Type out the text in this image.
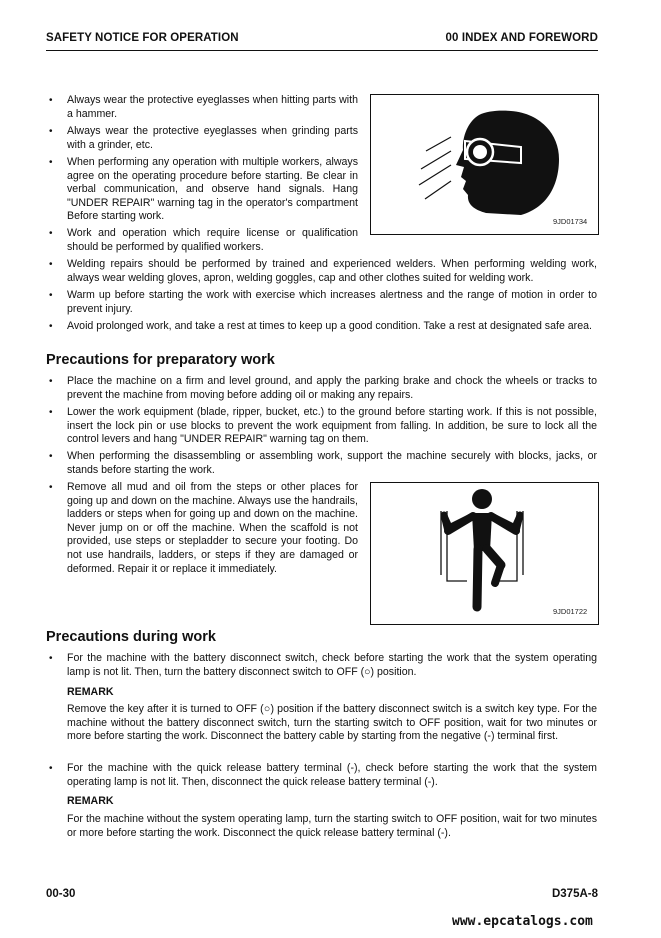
SAFETY NOTICE FOR OPERATION	00 INDEX AND FOREWORD
9JD01734
• Always wear the protective eyeglasses when hitting parts with a hammer.
• Always wear the protective eyeglasses when grinding parts with a grinder, etc.
• When performing any operation with multiple workers, always agree on the operating procedure before starting. Be clear in verbal communication, and observe hand signals. Hang "UNDER REPAIR" warning tag in the operator's compartment Before starting work.
• Work and operation which require license or qualification should be performed by qualified workers.
• Welding repairs should be performed by trained and experienced welders. When performing welding work, always wear welding gloves, apron, welding goggles, cap and other clothes suited for welding work.
• Warm up before starting the work with exercise which increases alertness and the range of motion in order to prevent injury.
• Avoid prolonged work, and take a rest at times to keep up a good condition. Take a rest at designated safe area.
Precautions for preparatory work
• Place the machine on a firm and level ground, and apply the parking brake and chock the wheels or tracks to prevent the machine from moving before adding oil or making any repairs.
• Lower the work equipment (blade, ripper, bucket, etc.) to the ground before starting work. If this is not possible, insert the lock pin or use blocks to prevent the work equipment from falling. In addition, be sure to lock all the control levers and hang "UNDER REPAIR" warning tag on them.
• When performing the disassembling or assembling work, support the machine securely with blocks, jacks, or stands before starting the work.
• Remove all mud and oil from the steps or other places for going up and down on the machine. Always use the handrails, ladders or steps when for going up and down on the machine. Never jump on or off the machine. When the scaffold is not provided, use steps or stepladder to secure your footing. Do not use handrails, ladders, or steps if they are damaged or deformed. Repair it or replace it immediately.
9JD01722
Precautions during work
• For the machine with the battery disconnect switch, check before starting the work that the system operating lamp is not lit. Then, turn the battery disconnect switch to OFF (○) position.
REMARK
Remove the key after it is turned to OFF (○) position if the battery disconnect switch is a switch key type. For the machine without the battery disconnect switch, turn the starting switch to OFF position, wait for two minutes or more before starting the work. Disconnect the battery cable by starting from the negative (-) terminal first.
• For the machine with the quick release battery terminal (-), check before starting the work that the system operating lamp is not lit. Then, disconnect the quick release battery terminal (-).
REMARK
For the machine without the system operating lamp, turn the starting switch to OFF position, wait for two minutes or more before starting the work. Disconnect the quick release battery terminal (-).
00-30	D375A-8
www.epcatalogs.com
